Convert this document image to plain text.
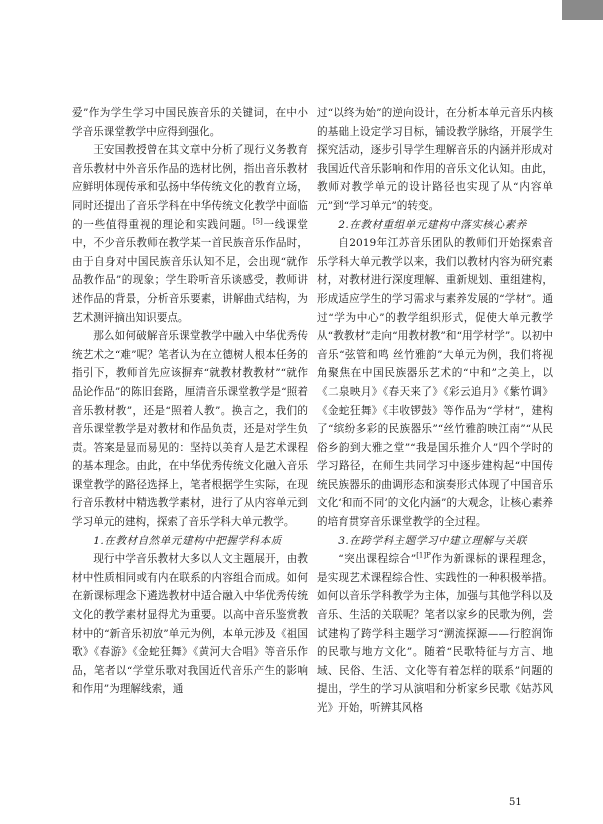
爱”作为学生学习中国民族音乐的关键词，在中小学音乐课堂教学中应得到强化。

王安国教授曾在其文章中分析了现行义务教育音乐教材中外音乐作品的选材比例，指出音乐教材应鲜明体现传承和弘扬中华传统文化的教育立场，同时还提出了音乐学科在中华传统文化教学中面临的一些值得重视的理论和实践问题。[5]一线课堂中，不少音乐教师在教学某一首民族音乐作品时，由于自身对中国民族音乐认知不足，会出现“就作品教作品”的现象；学生聆听音乐谈感受，教师讲述作品的背景，分析音乐要素，讲解曲式结构，为艺术测评摘出知识要点。

那么如何破解音乐课堂教学中融入中华优秀传统艺术之“难”呢？笔者认为在立德树人根本任务的指引下，教师首先应该摒弃“就教材教教材”“就作品论作品”的陈旧套路，厘清音乐课堂教学是“照着音乐教材教”，还是“照着人教”。换言之，我们的音乐课堂教学是对教材和作品负责，还是对学生负责。答案是显而易见的：坚持以美育人是艺术课程的基本理念。由此，在中华优秀传统文化融入音乐课堂教学的路径选择上，笔者根据学生实际，在现行音乐教材中精选教学素材，进行了从内容单元到学习单元的建构，探索了音乐学科大单元教学。

1.在教材自然单元建构中把握学科本质

现行中学音乐教材大多以人文主题展开，由教材中性质相同或有内在联系的内容组合而成。如何在新课标理念下遴选教材中适合融入中华优秀传统文化的教学素材显得尤为重要。以高中音乐鉴赏教材中的“新音乐初放”单元为例，本单元涉及《祖国歌》《春游》《金蛇狂舞》《黄河大合唱》等音乐作品，笔者以“学堂乐歌对我国近代音乐产生的影响和作用”为理解线索，通

过“以终为始”的逆向设计，在分析本单元音乐内核的基础上设定学习目标，铺设教学脉络，开展学生探究活动，逐步引导学生理解音乐的内涵并形成对我国近代音乐影响和作用的音乐文化认知。由此，教师对教学单元的设计路径也实现了从“内容单元”到“学习单元”的转变。

2.在教材重组单元建构中落实核心素养

自2019年江苏音乐团队的教师们开始探索音乐学科大单元教学以来，我们以教材内容为研究素材，对教材进行深度理解、重新规划、重组建构，形成适应学生的学习需求与素养发展的“学材”。通过“学为中心”的教学组织形式，促使大单元教学从“教教材”走向“用教材教”和“用学材学”。以初中音乐“弦管和鸣 丝竹雅韵”大单元为例，我们将视角聚焦在中国民族器乐艺术的“中和”之美上，以《二泉映月》《春天来了》《彩云追月》《紫竹调》《金蛇狂舞》《丰收锣鼓》等作品为“学材”，建构了“缤纷多彩的民族器乐”“丝竹雅韵映江南”“从民俗乡韵到大雅之堂”“我是国乐推介人”四个学时的学习路径，在师生共同学习中逐步建构起“中国传统民族器乐的曲调形态和演奏形式体现了中国音乐文化‘和而不同’的文化内涵”的大观念，让核心素养的培育贯穿音乐课堂教学的全过程。

3.在跨学科主题学习中建立理解与关联

“突出课程综合”$^{[1]P}$作为新课标的课程理念，是实现艺术课程综合性、实践性的一种积极举措。如何以音乐学科教学为主体，加强与其他学科以及音乐、生活的关联呢？笔者以家乡的民歌为例，尝试建构了跨学科主题学习“溯流探源——行腔润饰的民歌与地方文化”。随着“民歌特征与方言、地域、民俗、生活、文化等有着怎样的联系”问题的提出，学生的学习从演唱和分析家乡民歌《姑苏风光》开始，听辨其风格

51
